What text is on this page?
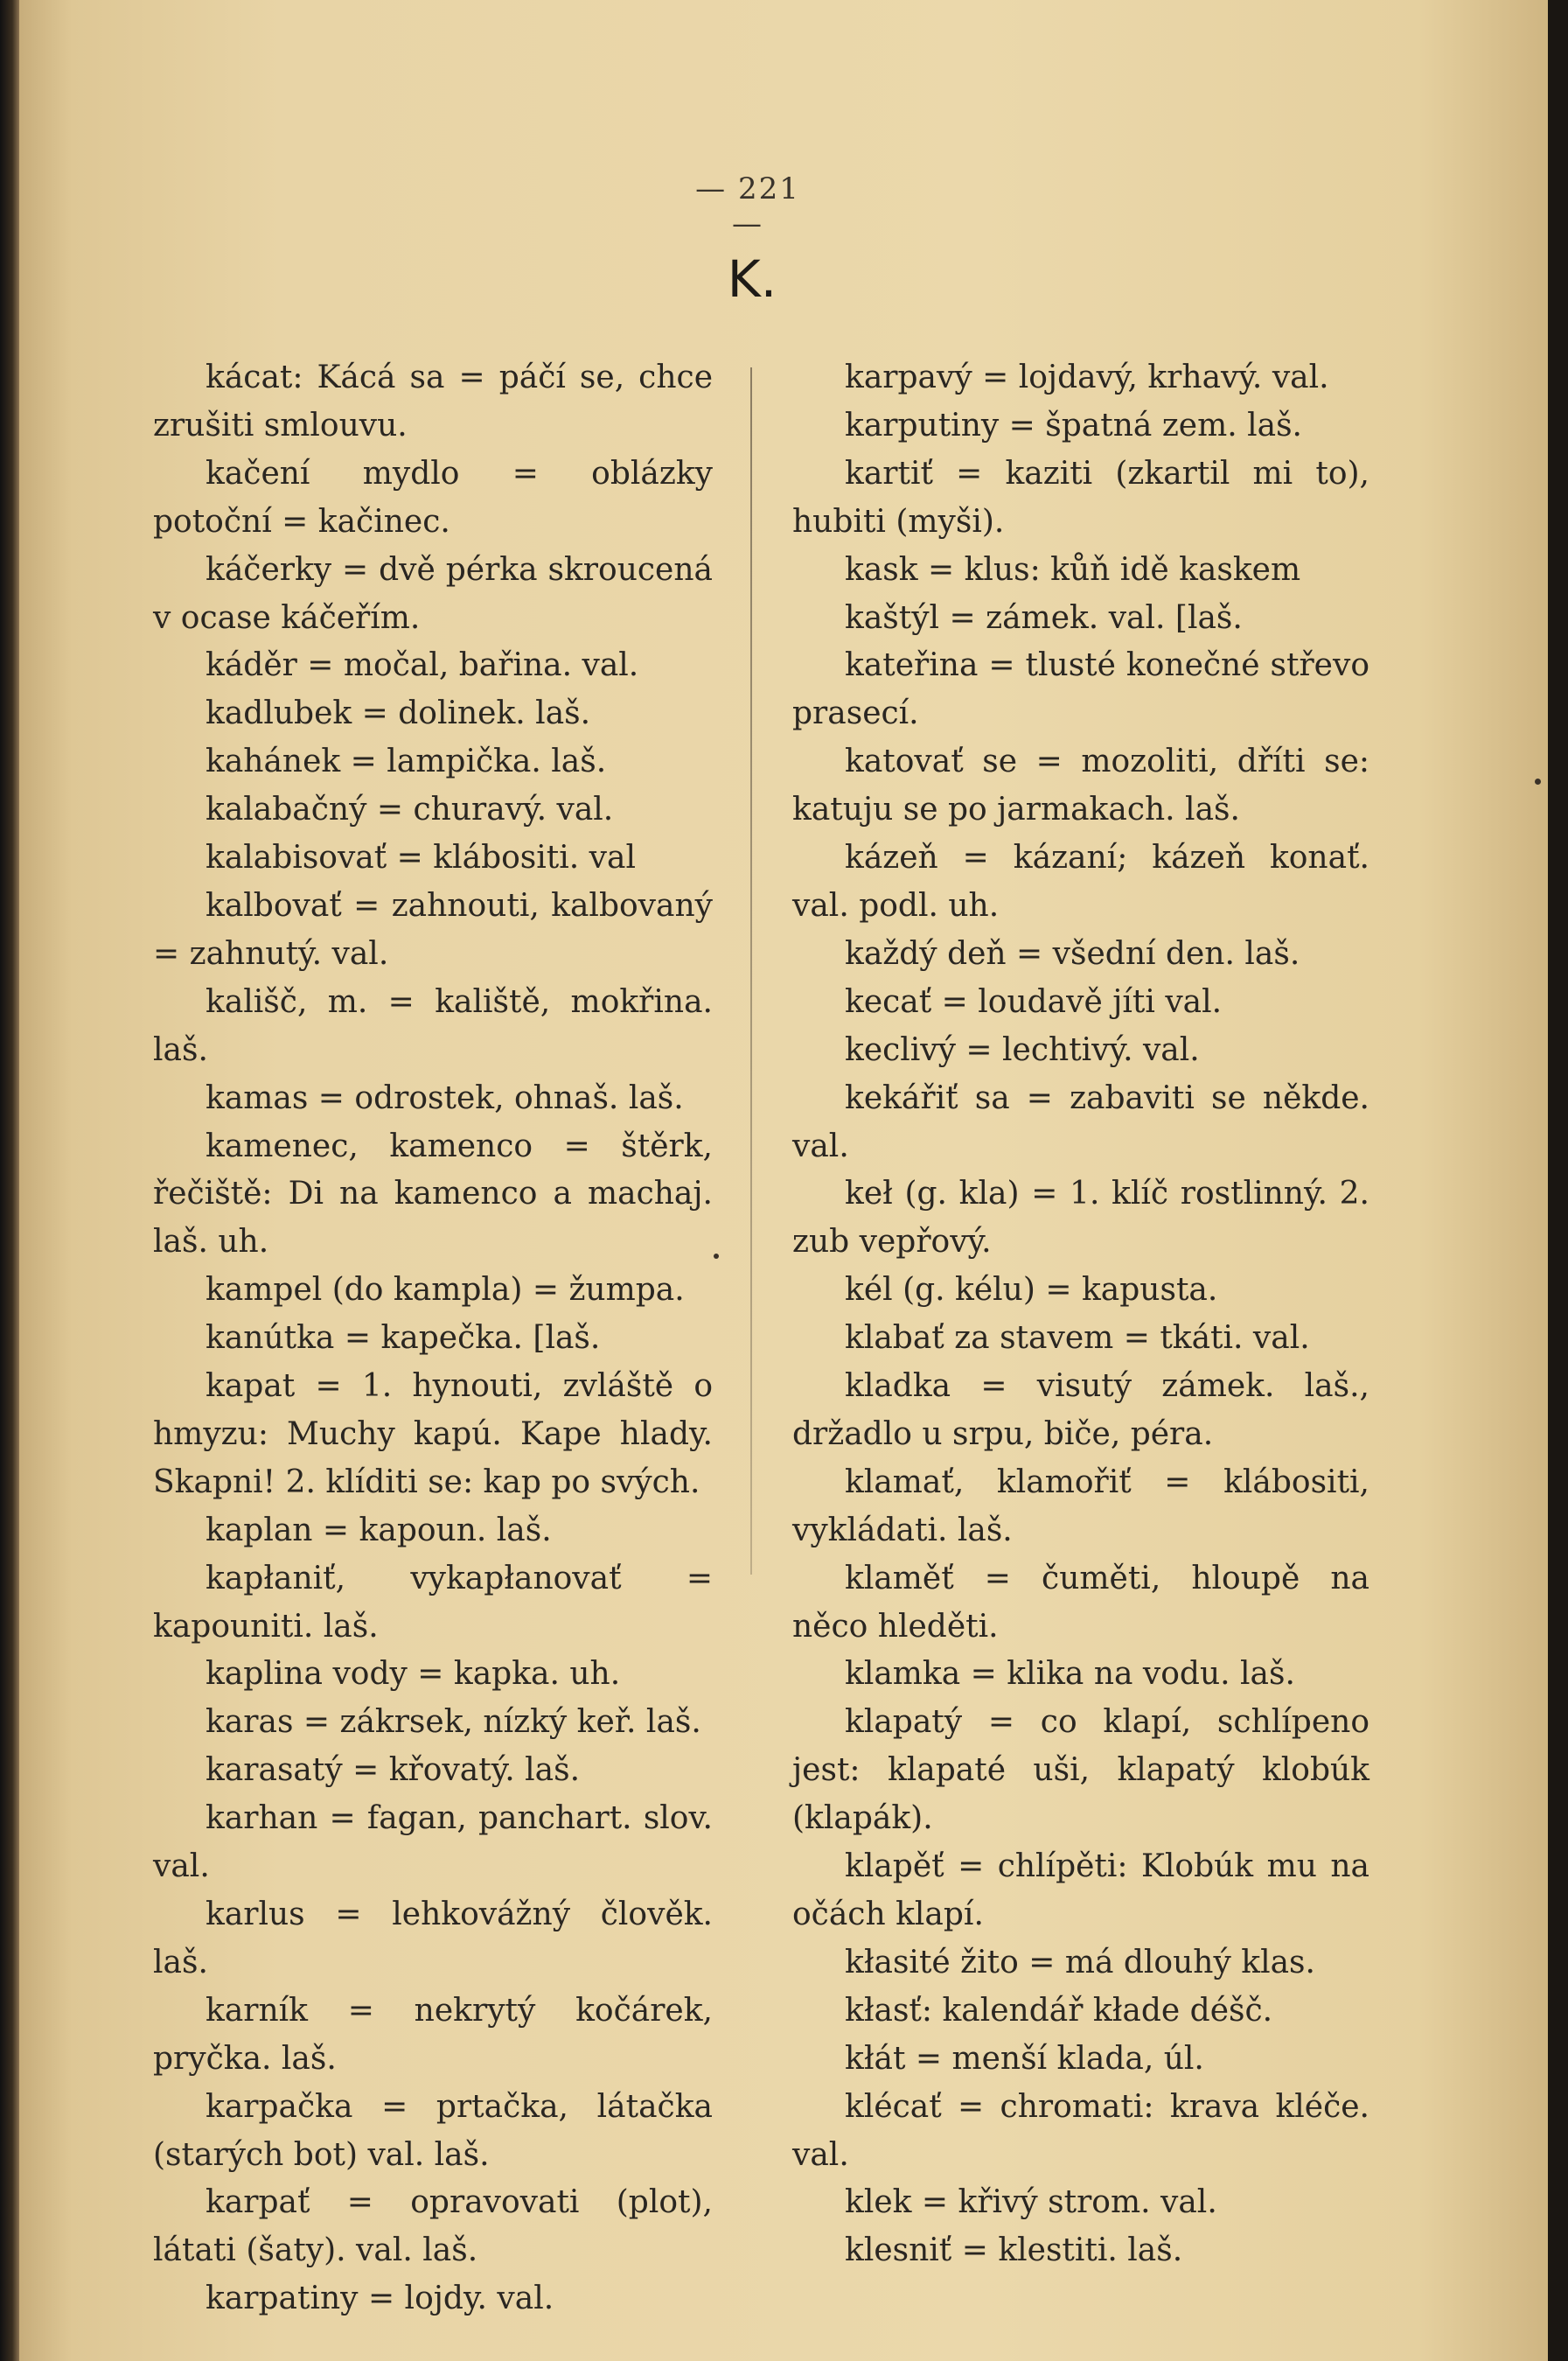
— 221 —
K.

kácat: Kácá sa = páčí se, chce zrušiti smlouvu.

kačení mydlo = oblázky potoční = kačinec.

káčerky = dvě pérka skroucená v ocase káčeřím.

káděr = močal, bařina. val.

kadlubek = dolinek. laš.

kahánek = lampička. laš.

kalabačný = churavý. val.

kalabisovať = klábositi. val

kalbovať = zahnouti, kalbovaný = zahnutý. val.

kališč, m. = kaliště, mokřina. laš.

kamas = odrostek, ohnaš. laš.

kamenec, kamenco = štěrk, řečiště: Di na kamenco a machaj. laš. uh.

kampel (do kampla) = žumpa.

kanútka = kapečka. [laš.

kapat = 1. hynouti, zvláště o hmyzu: Muchy kapú. Kape hlady. Skapni! 2. klíditi se: kap po svých.

kaplan = kapoun. laš.

kapłaniť, vykapłanovať = kapouniti. laš.

kaplina vody = kapka. uh.

karas = zákrsek, nízký keř. laš.

karasatý = křovatý. laš.

karhan = fagan, panchart. slov. val.

karlus = lehkovážný člověk. laš.

karník = nekrytý kočárek, pryčka. laš.

karpačka = prtačka, látačka (starých bot) val. laš.

karpať = opravovati (plot), látati (šaty). val. laš.

karpatiny = lojdy. val.

karpavý = lojdavý, krhavý. val.

karputiny = špatná zem. laš.

kartiť = kaziti (zkartil mi to), hubiti (myši).

kask = klus: kůň idě kaskem

kaštýl = zámek. val. [laš.

kateřina = tlusté konečné střevo prasecí.

katovať se = mozoliti, dříti se: katuju se po jarmakach. laš.

kázeň = kázaní; kázeň konať. val. podl. uh.

každý deň = všední den. laš.

kecať = loudavě jíti val.

keclivý = lechtivý. val.

kekářiť sa = zabaviti se někde. val.

keł (g. kla) = 1. klíč rostlinný. 2. zub vepřový.

kél (g. kélu) = kapusta.

klabať za stavem = tkáti. val.

kladka = visutý zámek. laš., držadlo u srpu, biče, péra.

klamať, klamořiť = klábositi, vykládati. laš.

klaměť = čuměti, hloupě na něco hleděti.

klamka = klika na vodu. laš.

klapatý = co klapí, schlípeno jest: klapaté uši, klapatý klobúk (klapák).

klapěť = chlípěti: Klobúk mu na očách klapí.

kłasité žito = má dlouhý klas.

kłasť: kalendář kłade déšč.

kłát = menší klada, úl.

klécať = chromati: krava kléče. val.

klek = křivý strom. val.

klesniť = klestiti. laš.
